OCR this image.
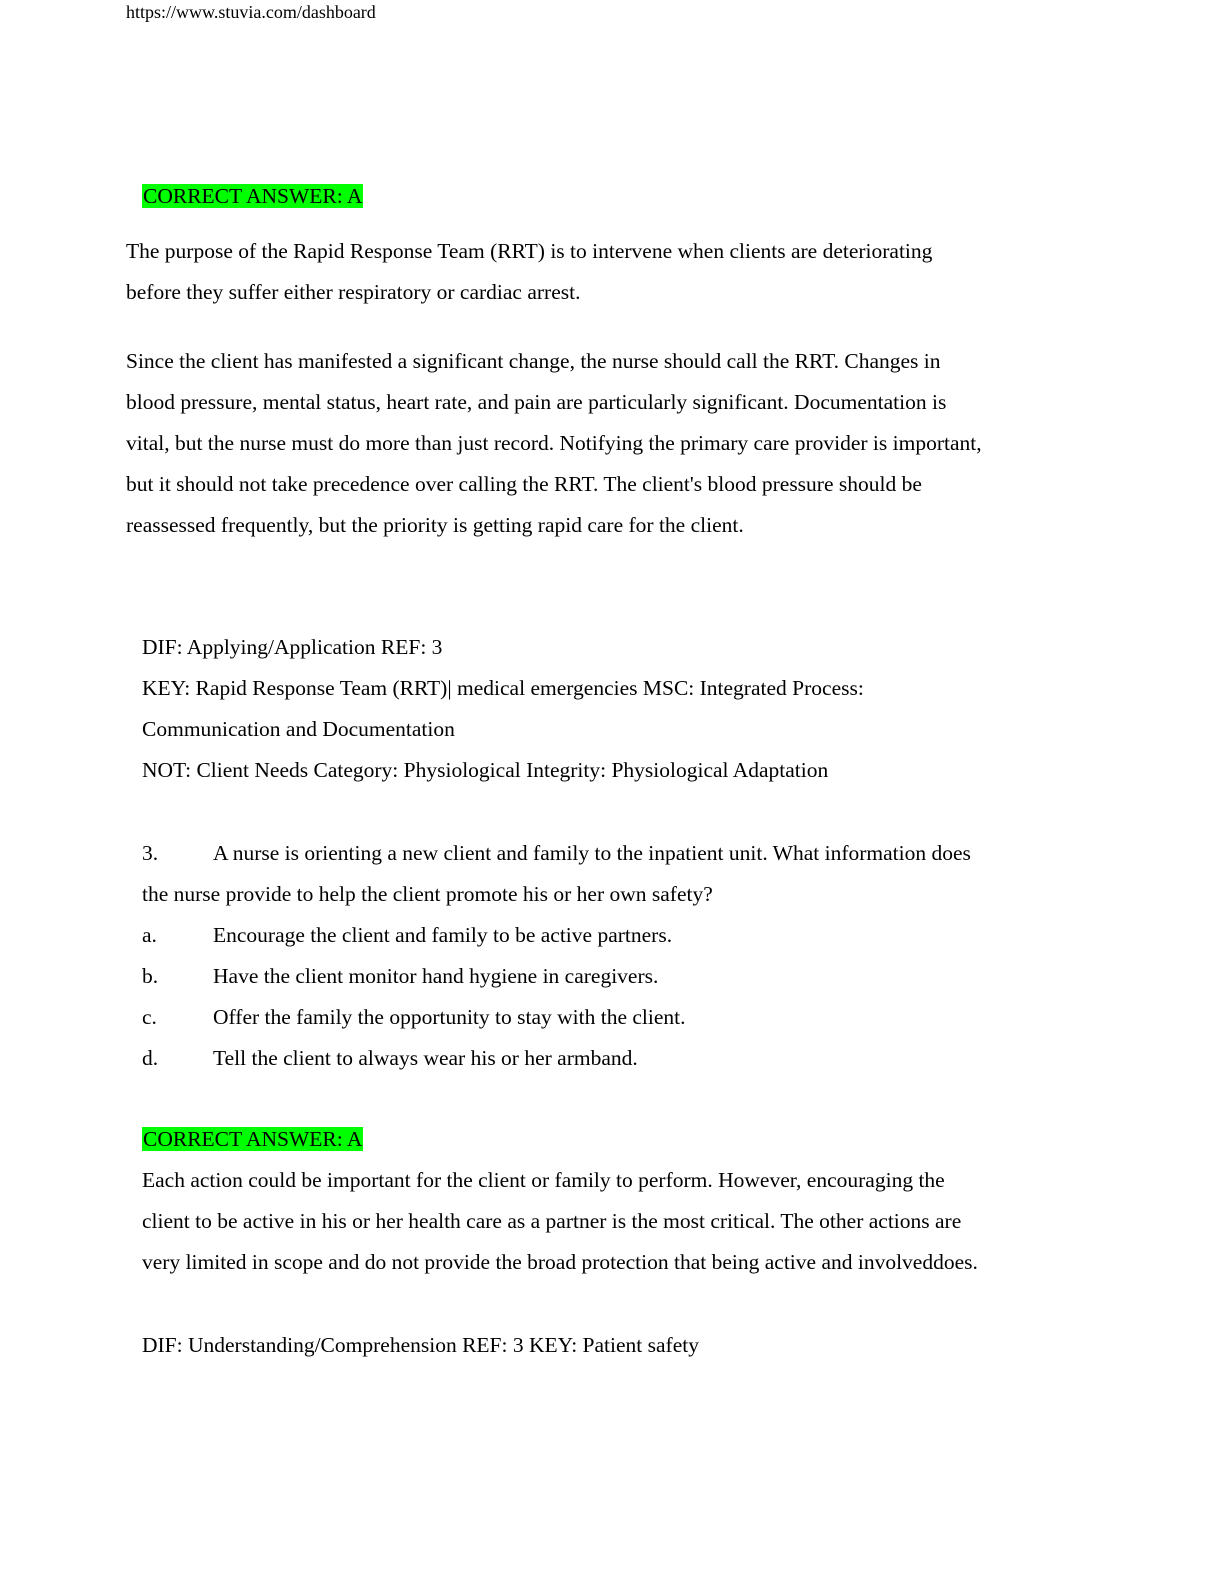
https://www.stuvia.com/dashboard
CORRECT ANSWER: A
The purpose of the Rapid Response Team (RRT) is to intervene when clients are deteriorating
before they suffer either respiratory or cardiac arrest.
Since the client has manifested a significant change, the nurse should call the RRT. Changes in
blood pressure, mental status, heart rate, and pain are particularly significant. Documentation is
vital, but the nurse must do more than just record. Notifying the primary care provider is important,
but it should not take precedence over calling the RRT. The client's blood pressure should be
reassessed frequently, but the priority is getting rapid care for the client.
DIF: Applying/Application REF: 3
KEY: Rapid Response Team (RRT)| medical emergencies MSC: Integrated Process:
Communication and Documentation
NOT: Client Needs Category: Physiological Integrity: Physiological Adaptation
3.	A nurse is orienting a new client and family to the inpatient unit. What information does
the nurse provide to help the client promote his or her own safety?
a.	Encourage the client and family to be active partners.
b.	Have the client monitor hand hygiene in caregivers.
c.	Offer the family the opportunity to stay with the client.
d.	Tell the client to always wear his or her armband.
CORRECT ANSWER: A
Each action could be important for the client or family to perform. However, encouraging the
client to be active in his or her health care as a partner is the most critical. The other actions are
very limited in scope and do not provide the broad protection that being active and involveddoes.
DIF: Understanding/Comprehension REF: 3 KEY: Patient safety
